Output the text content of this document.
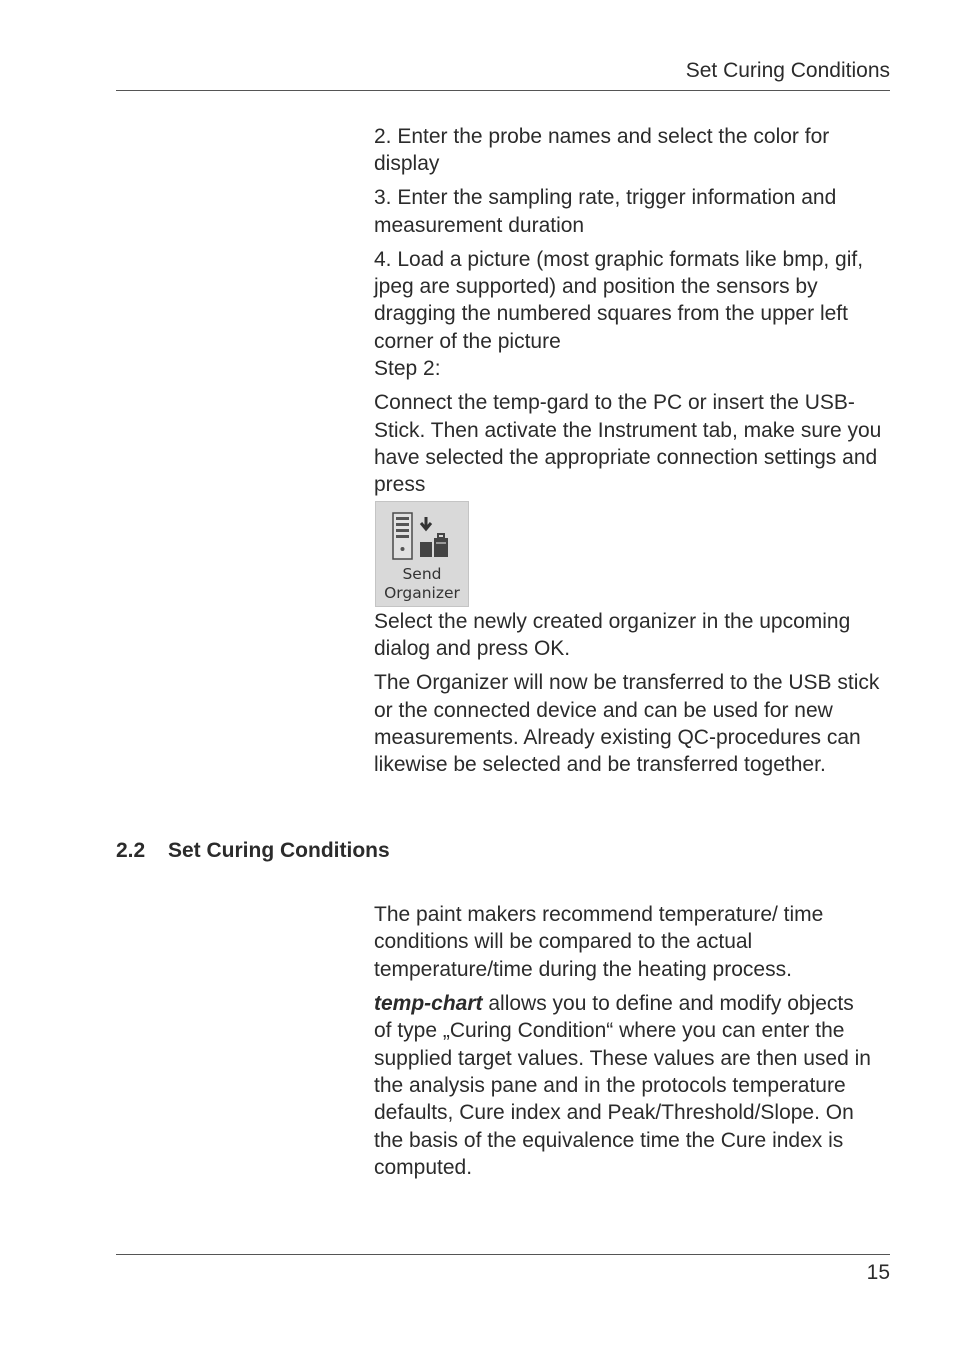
Set Curing Conditions

2. Enter the probe names and select the color for display

3. Enter the sampling rate, trigger information and measurement duration

4. Load a picture (most graphic formats like bmp, gif, jpeg are supported) and position the sensors by dragging the numbered squares from the upper left corner of the picture

Step 2:

Connect the temp-gard to the PC or insert the USB-Stick. Then activate the Instrument tab, make sure you have selected the appropriate connection settings and press

Send
Organizer

Select the newly created organizer in the upcoming dialog and press OK.

The Organizer will now be transferred to the USB stick or the connected device and can be used for new measurements. Already existing QC-procedures can likewise be selected and be transferred together.

2.2 Set Curing Conditions

The paint makers recommend temperature/ time conditions will be compared to the actual temperature/time during the heating process.

temp-chart allows you to define and modify objects of type „Curing Condition“ where you can enter the supplied target values. These values are then used in the analysis pane and in the protocols temperature defaults, Cure index and Peak/Threshold/Slope. On the basis of the equivalence time the Cure index is computed.

15
